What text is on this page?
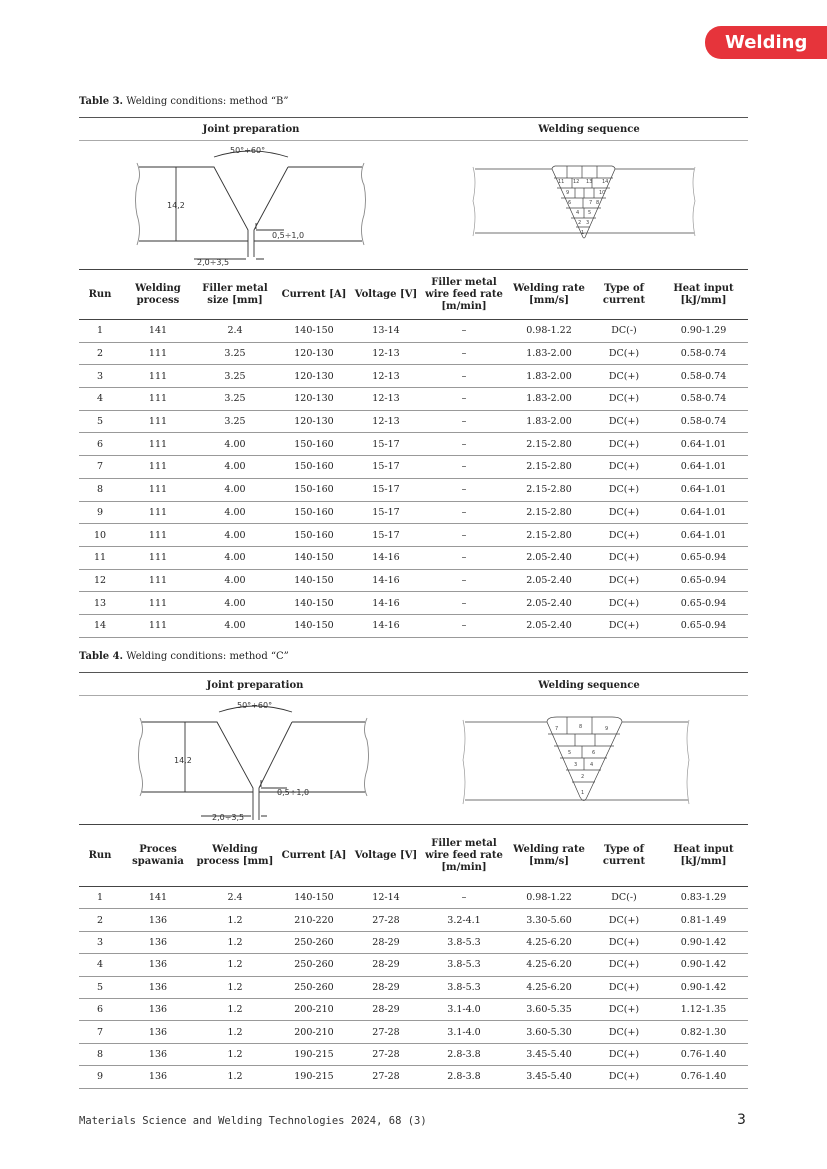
Welding
Table 3. Welding conditions: method “B”
Joint preparation	Welding sequence
50°÷60°
14,2
0,5÷1,0
2,0÷3,5
1
2 3
4 5
6	7 8
9	10
11 12 13 14
Run	Welding process	Filler metal size [mm]	Current [A]	Voltage [V]	Filler metal wire feed rate [m/min]	Welding rate [mm/s]	Type of current	Heat input [kJ/mm]
1	141	2.4	140-150	13-14	–	0.98-1.22	DC(-)	0.90-1.29
2	111	3.25	120-130	12-13	–	1.83-2.00	DC(+)	0.58-0.74
3	111	3.25	120-130	12-13	–	1.83-2.00	DC(+)	0.58-0.74
4	111	3.25	120-130	12-13	–	1.83-2.00	DC(+)	0.58-0.74
5	111	3.25	120-130	12-13	–	1.83-2.00	DC(+)	0.58-0.74
6	111	4.00	150-160	15-17	–	2.15-2.80	DC(+)	0.64-1.01
7	111	4.00	150-160	15-17	–	2.15-2.80	DC(+)	0.64-1.01
8	111	4.00	150-160	15-17	–	2.15-2.80	DC(+)	0.64-1.01
9	111	4.00	150-160	15-17	–	2.15-2.80	DC(+)	0.64-1.01
10	111	4.00	150-160	15-17	–	2.15-2.80	DC(+)	0.64-1.01
11	111	4.00	140-150	14-16	–	2.05-2.40	DC(+)	0.65-0.94
12	111	4.00	140-150	14-16	–	2.05-2.40	DC(+)	0.65-0.94
13	111	4.00	140-150	14-16	–	2.05-2.40	DC(+)	0.65-0.94
14	111	4.00	140-150	14-16	–	2.05-2.40	DC(+)	0.65-0.94
Table 4. Welding conditions: method “C”
Joint preparation	Welding sequence
50°÷60°
14,2
0,5÷1,0
2,0÷3,5
1
2
3	4
5	6
7	8	9
Run	Proces spawania	Welding process [mm]	Current [A]	Voltage [V]	Filler metal wire feed rate [m/min]	Welding rate [mm/s]	Type of current	Heat input [kJ/mm]
1	141	2.4	140-150	12-14	–	0.98-1.22	DC(-)	0.83-1.29
2	136	1.2	210-220	27-28	3.2-4.1	3.30-5.60	DC(+)	0.81-1.49
3	136	1.2	250-260	28-29	3.8-5.3	4.25-6.20	DC(+)	0.90-1.42
4	136	1.2	250-260	28-29	3.8-5.3	4.25-6.20	DC(+)	0.90-1.42
5	136	1.2	250-260	28-29	3.8-5.3	4.25-6.20	DC(+)	0.90-1.42
6	136	1.2	200-210	28-29	3.1-4.0	3.60-5.35	DC(+)	1.12-1.35
7	136	1.2	200-210	27-28	3.1-4.0	3.60-5.30	DC(+)	0.82-1.30
8	136	1.2	190-215	27-28	2.8-3.8	3.45-5.40	DC(+)	0.76-1.40
9	136	1.2	190-215	27-28	2.8-3.8	3.45-5.40	DC(+)	0.76-1.40
Materials Science and Welding Technologies 2024, 68 (3)	3
